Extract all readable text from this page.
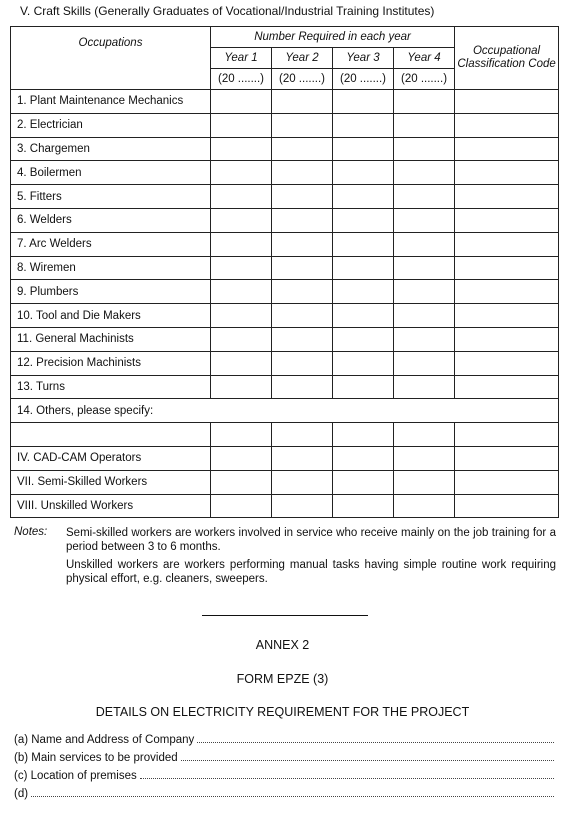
V. Craft Skills (Generally Graduates of Vocational/Industrial Training Institutes)
Occupations	Number Required in each year				Occupational Classification Code
	Year 1	Year 2	Year 3	Year 4	
	(20 .......)	(20 .......)	(20 .......)	(20 .......)	
1. Plant Maintenance Mechanics					
2. Electrician					
3. Chargemen					
4. Boilermen					
5. Fitters					
6. Welders					
7. Arc Welders					
8. Wiremen					
9. Plumbers					
10. Tool and Die Makers					
11. General Machinists					
12. Precision Machinists					
13. Turns					
14. Others, please specify:					

IV. CAD-CAM Operators					
VII. Semi-Skilled Workers					
VIII. Unskilled Workers					
Notes:	Semi-skilled workers are workers involved in service who receive mainly on the job training for a period between 3 to 6 months.
Unskilled workers are workers performing manual tasks having simple routine work requiring physical effort, e.g. cleaners, sweepers.
ANNEX 2
FORM EPZE (3)
DETAILS ON ELECTRICITY REQUIREMENT FOR THE PROJECT
(a) Name and Address of Company
(b) Main services to be provided
(c) Location of premises
(d)
